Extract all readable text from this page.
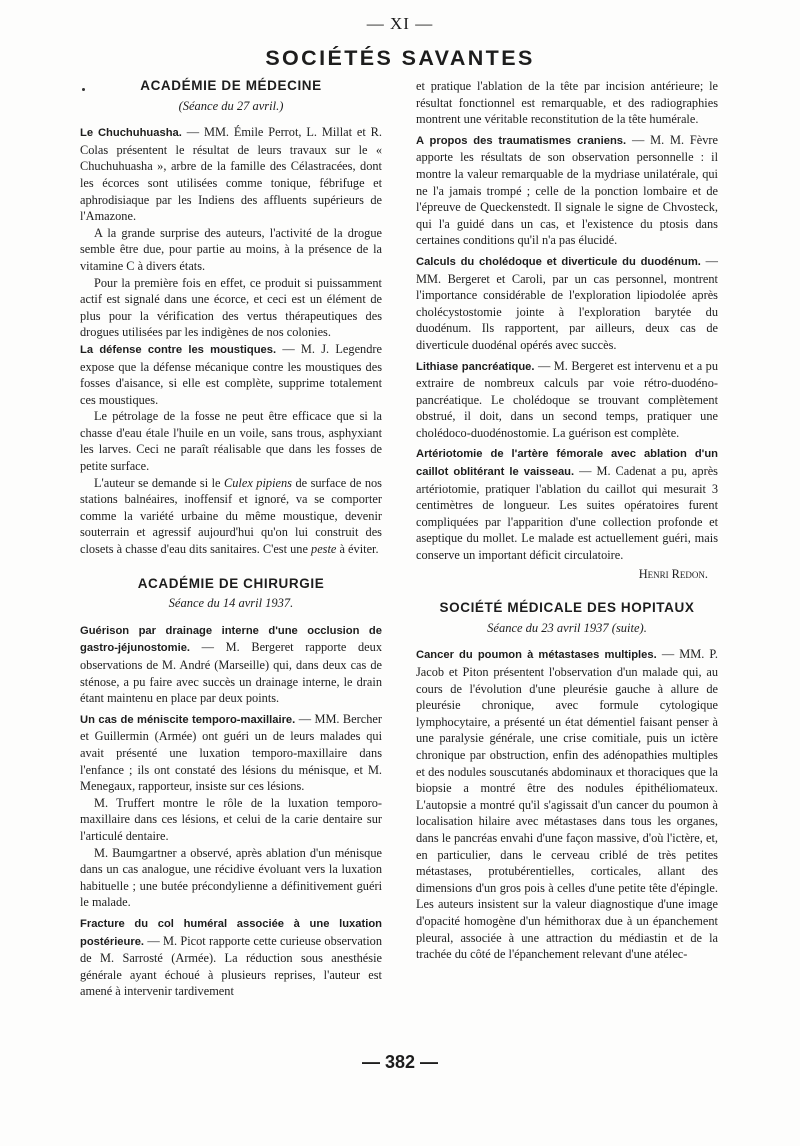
— XI —
SOCIÉTÉS SAVANTES
ACADÉMIE DE MÉDECINE
(Séance du 27 avril.)

Le Chuchuhuasha. — MM. Émile Perrot, L. Millat et R. Colas présentent le résultat de leurs travaux sur le « Chuchuhuasha », arbre de la famille des Célastracées, dont les écorces sont utilisées comme tonique, fébrifuge et aphrodisiaque par les Indiens des affluents supérieurs de l'Amazone.

A la grande surprise des auteurs, l'activité de la drogue semble être due, pour partie au moins, à la présence de la vitamine C à divers états.

Pour la première fois en effet, ce produit si puissamment actif est signalé dans une écorce, et ceci est un élément de plus pour la vérification des vertus thérapeutiques des drogues utilisées par les indigènes de nos colonies.

La défense contre les moustiques. — M. J. Legendre expose que la défense mécanique contre les moustiques des fosses d'aisance, si elle est complète, supprime totalement ces moustiques.

Le pétrolage de la fosse ne peut être efficace que si la chasse d'eau étale l'huile en un voile, sans trous, asphyxiant les larves. Ceci ne paraît réalisable que dans les fosses de petite surface.

L'auteur se demande si le Culex pipiens de surface de nos stations balnéaires, inoffensif et ignoré, va se comporter comme la variété urbaine du même moustique, devenir souterrain et agressif aujourd'hui qu'on lui construit des closets à chasse d'eau dits sanitaires. C'est une peste à éviter.

ACADÉMIE DE CHIRURGIE
Séance du 14 avril 1937.

Guérison par drainage interne d'une occlusion de gastro-jéjunostomie. — M. Bergeret rapporte deux observations de M. André (Marseille) qui, dans deux cas de sténose, a pu faire avec succès un drainage interne, le drain étant maintenu en place par deux points.

Un cas de méniscite temporo-maxillaire. — MM. Bercher et Guillermin (Armée) ont guéri un de leurs malades qui avait présenté une luxation temporo-maxillaire dans l'enfance ; ils ont constaté des lésions du ménisque, et M. Menegaux, rapporteur, insiste sur ces lésions.

M. Truffert montre le rôle de la luxation temporo-maxillaire dans ces lésions, et celui de la carie dentaire sur l'articulé dentaire.

M. Baumgartner a observé, après ablation d'un ménisque dans un cas analogue, une récidive évoluant vers la luxation habituelle ; une butée précondylienne a définitivement guéri le malade.

Fracture du col huméral associée à une luxation postérieure. — M. Picot rapporte cette curieuse observation de M. Sarrosté (Armée). La réduction sous anesthésie générale ayant échoué à plusieurs reprises, l'auteur est amené à intervenir tardivement

et pratique l'ablation de la tête par incision antérieure; le résultat fonctionnel est remarquable, et des radiographies montrent une véritable reconstitution de la tête humérale.

A propos des traumatismes craniens. — M. M. Fèvre apporte les résultats de son observation personnelle : il montre la valeur remarquable de la mydriase unilatérale, qui ne l'a jamais trompé ; celle de la ponction lombaire et de l'épreuve de Queckenstedt. Il signale le signe de Chvosteck, qui l'a guidé dans un cas, et l'existence du ptosis dans certaines conditions qu'il n'a pas élucidé.

Calculs du cholédoque et diverticule du duodénum. — MM. Bergeret et Caroli, par un cas personnel, montrent l'importance considérable de l'exploration lipiodolée après cholécystostomie jointe à l'exploration barytée du duodénum. Ils rapportent, par ailleurs, deux cas de diverticule duodénal opérés avec succès.

Lithiase pancréatique. — M. Bergeret est intervenu et a pu extraire de nombreux calculs par voie rétro-duodéno-pancréatique. Le cholédoque se trouvant complètement obstrué, il doit, dans un second temps, pratiquer une cholédoco-duodénostomie. La guérison est complète.

Artériotomie de l'artère fémorale avec ablation d'un caillot oblitérant le vaisseau. — M. Cadenat a pu, après artériotomie, pratiquer l'ablation du caillot qui mesurait 3 centimètres de longueur. Les suites opératoires furent compliquées par l'apparition d'une collection profonde et aseptique du mollet. Le malade est actuellement guéri, mais conserve un important déficit circulatoire.

Henri Redon.
SOCIÉTÉ MÉDICALE DES HOPITAUX
Séance du 23 avril 1937 (suite).

Cancer du poumon à métastases multiples. — MM. P. Jacob et Piton présentent l'observation d'un malade qui, au cours de l'évolution d'une pleurésie gauche à allure de pleurésie chronique, avec formule cytologique lymphocytaire, a présenté un état démentiel faisant penser à une paralysie générale, une crise comitiale, puis un ictère chronique par obstruction, enfin des adénopathies multiples et des nodules souscutanés abdominaux et thoraciques que la biopsie a montré être des nodules épithéliomateux. L'autopsie a montré qu'il s'agissait d'un cancer du poumon à localisation hilaire avec métastases dans tous les organes, dans le pancréas envahi d'une façon massive, d'où l'ictère, et, en particulier, dans le cerveau criblé de très petites métastases, protubérentielles, corticales, allant des dimensions d'un gros pois à celles d'une petite tête d'épingle. Les auteurs insistent sur la valeur diagnostique d'une image d'opacité homogène d'un hémithorax due à un épanchement pleural, associée à une attraction du médiastin et de la trachée du côté de l'épanchement relevant d'une atélec-

— 382 —
